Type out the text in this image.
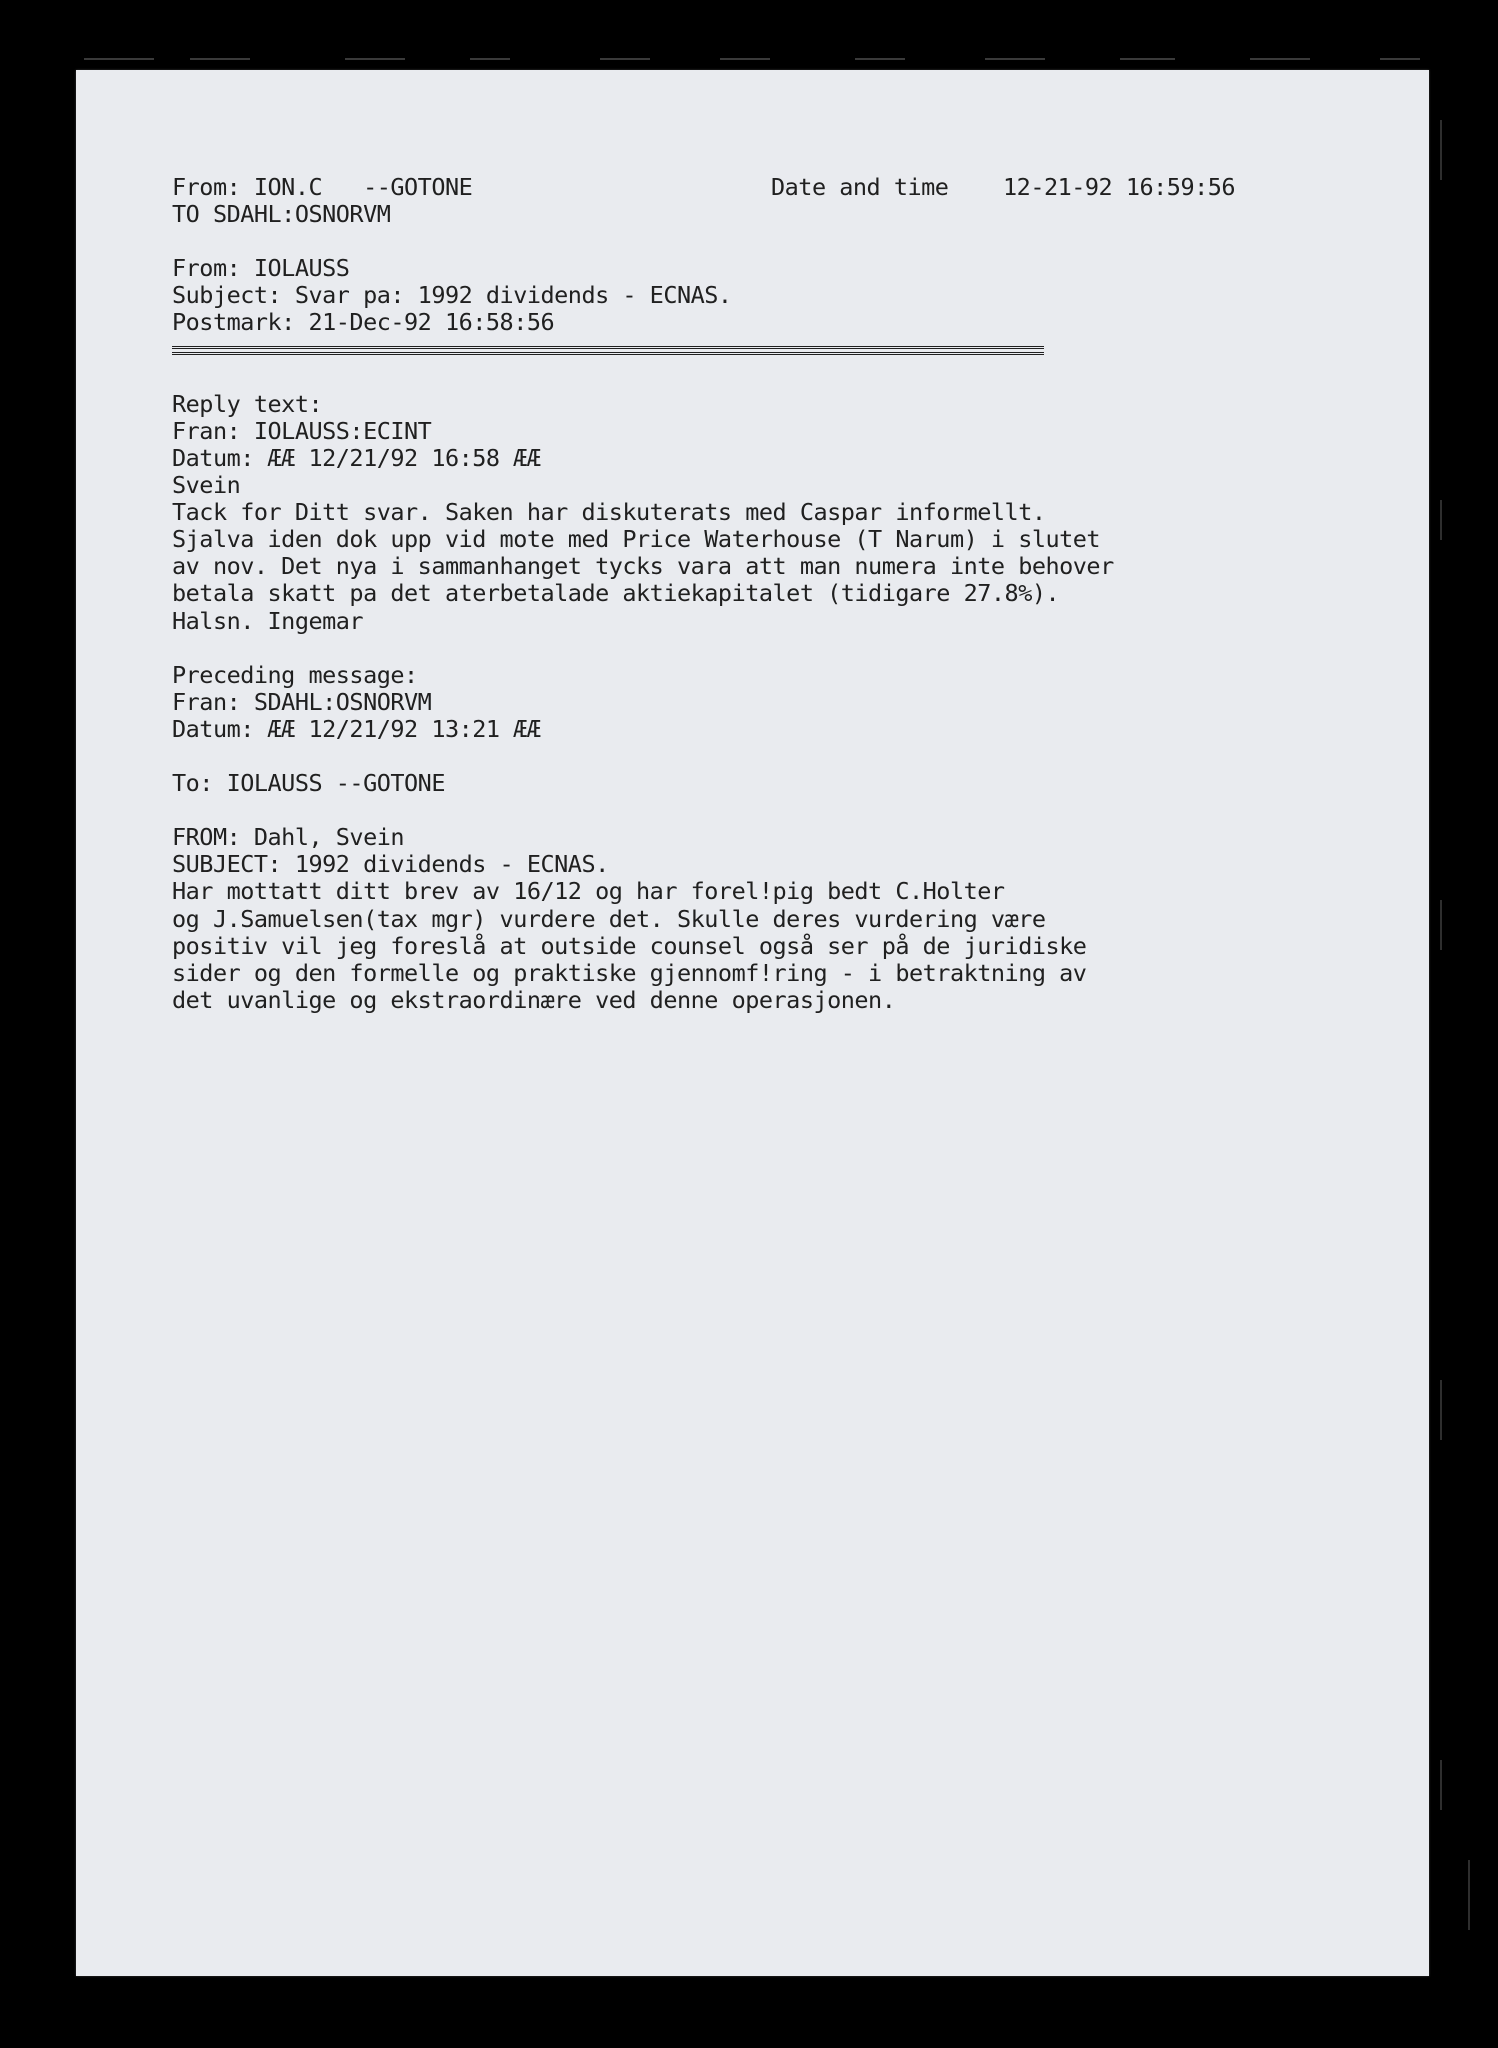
From: ION.C   --GOTONE	Date and time    12-21-92 16:59:56
TO SDAHL:OSNORVM
From: IOLAUSS
Subject: Svar pa: 1992 dividends - ECNAS.
Postmark: 21-Dec-92 16:58:56
Reply text:
Fran: IOLAUSS:ECINT
Datum: ÆÆ 12/21/92 16:58 ÆÆ
Svein
Tack for Ditt svar. Saken har diskuterats med Caspar informellt.
Sjalva iden dok upp vid mote med Price Waterhouse (T Narum) i slutet
av nov. Det nya i sammanhanget tycks vara att man numera inte behover
betala skatt pa det aterbetalade aktiekapitalet (tidigare 27.8%).
Halsn. Ingemar
Preceding message:
Fran: SDAHL:OSNORVM
Datum: ÆÆ 12/21/92 13:21 ÆÆ
To: IOLAUSS --GOTONE
FROM: Dahl, Svein
SUBJECT: 1992 dividends - ECNAS.
Har mottatt ditt brev av 16/12 og har forel!pig bedt C.Holter
og J.Samuelsen(tax mgr) vurdere det. Skulle deres vurdering være
positiv vil jeg foreslå at outside counsel også ser på de juridiske
sider og den formelle og praktiske gjennomf!ring - i betraktning av
det uvanlige og ekstraordinære ved denne operasjonen.
